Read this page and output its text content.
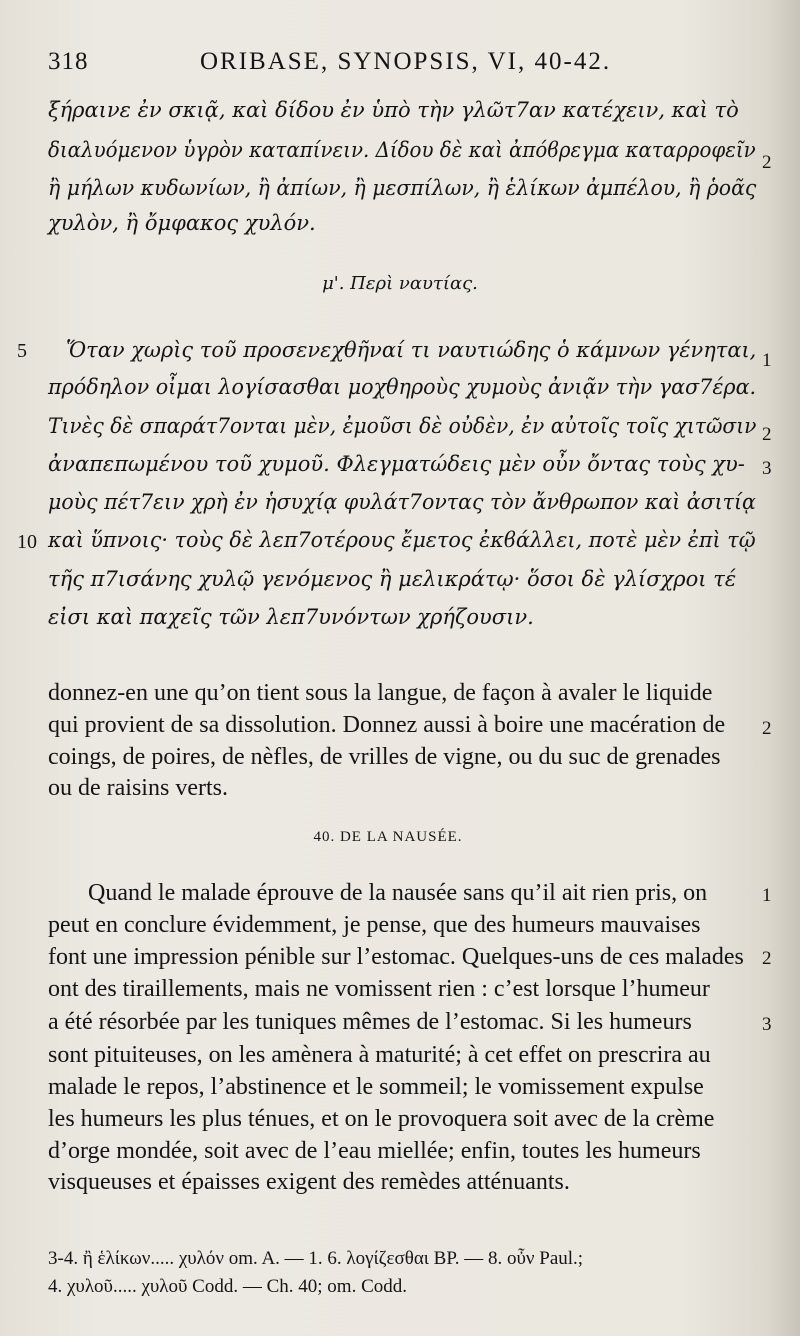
318	ORIBASE, SYNOPSIS, VI, 40-42.
ξήραινε ἐν σκιᾷ, καὶ δίδου ἐν ὑπὸ τὴν γλῶτ7αν κατέχειν, καὶ τὸ
διαλυόμενον ὑγρὸν καταπίνειν. Δίδου δὲ καὶ ἀπόϐρεγμα καταρρoφεῖν
ἢ μήλων κυδωνίων, ἢ ἀπίων, ἢ μεσπίλων, ἢ ἑλίκων ἀμπέλου, ἢ ῥοᾶς
χυλὸν, ἢ ὄμφακος χυλόν.
2
μ'. Περὶ ναυτίας.
5 Ὅταν χωρὶς τοῦ προσενεχθῆναί τι ναυτιώδης ὁ κάμνων γένηται,
πρόδηλον οἶμαι λογίσασθαι μοχθηροὺς χυμοὺς ἀνιᾷν τὴν γασ7έρα.
Τινὲς δὲ σπαράτ7ονται μὲν, ἐμοῦσι δὲ οὐδὲν, ἐν αὐτοῖς τοῖς χιτῶσιν
ἀναπεπωμένου τοῦ χυμοῦ. Φλεγματώδεις μὲν οὖν ὄντας τοὺς χυ-
μοὺς πέτ7ειν χρὴ ἐν ἡσυχίᾳ φυλάτ7οντας τὸν ἄνθρωπον καὶ ἀσιτίᾳ
10 καὶ ὕπνοις· τοὺς δὲ λεπ7οτέρους ἔμετος ἐκϐάλλει, ποτὲ μὲν ἐπὶ τῷ
τῆς π7ισάνης χυλῷ γενόμενος ἢ μελικράτῳ· ὅσοι δὲ γλίσχροι τέ
εἰσι καὶ παχεῖς τῶν λεπ7υνόντων χρήζουσιν.
1
2
3
donnez-en une qu’on tient sous la langue, de façon à avaler le liquide
qui provient de sa dissolution. Donnez aussi à boire une macération de
coings, de poires, de nèfles, de vrilles de vigne, ou du suc de grenades
ou de raisins verts.
2
40. DE LA NAUSÉE.
Quand le malade éprouve de la nausée sans qu’il ait rien pris, on
peut en conclure évidemment, je pense, que des humeurs mauvaises
font une impression pénible sur l’estomac. Quelques-uns de ces malades
ont des tiraillements, mais ne vomissent rien : c’est lorsque l’humeur
a été résorbée par les tuniques mêmes de l’estomac. Si les humeurs
sont pituiteuses, on les amènera à maturité; à cet effet on prescrira au
malade le repos, l’abstinence et le sommeil; le vomissement expulse
les humeurs les plus ténues, et on le provoquera soit avec de la crème
d’orge mondée, soit avec de l’eau miellée; enfin, toutes les humeurs
visqueuses et épaisses exigent des remèdes atténuants.
1
2
3
3-4. ἢ ἑλίκων..... χυλόν om. A. — 1. 6. λογίζεσθαι BP. — 8. οὖν Paul.;
4. χυλοῦ..... χυλοῦ Codd. — Ch. 40; om. Codd.
